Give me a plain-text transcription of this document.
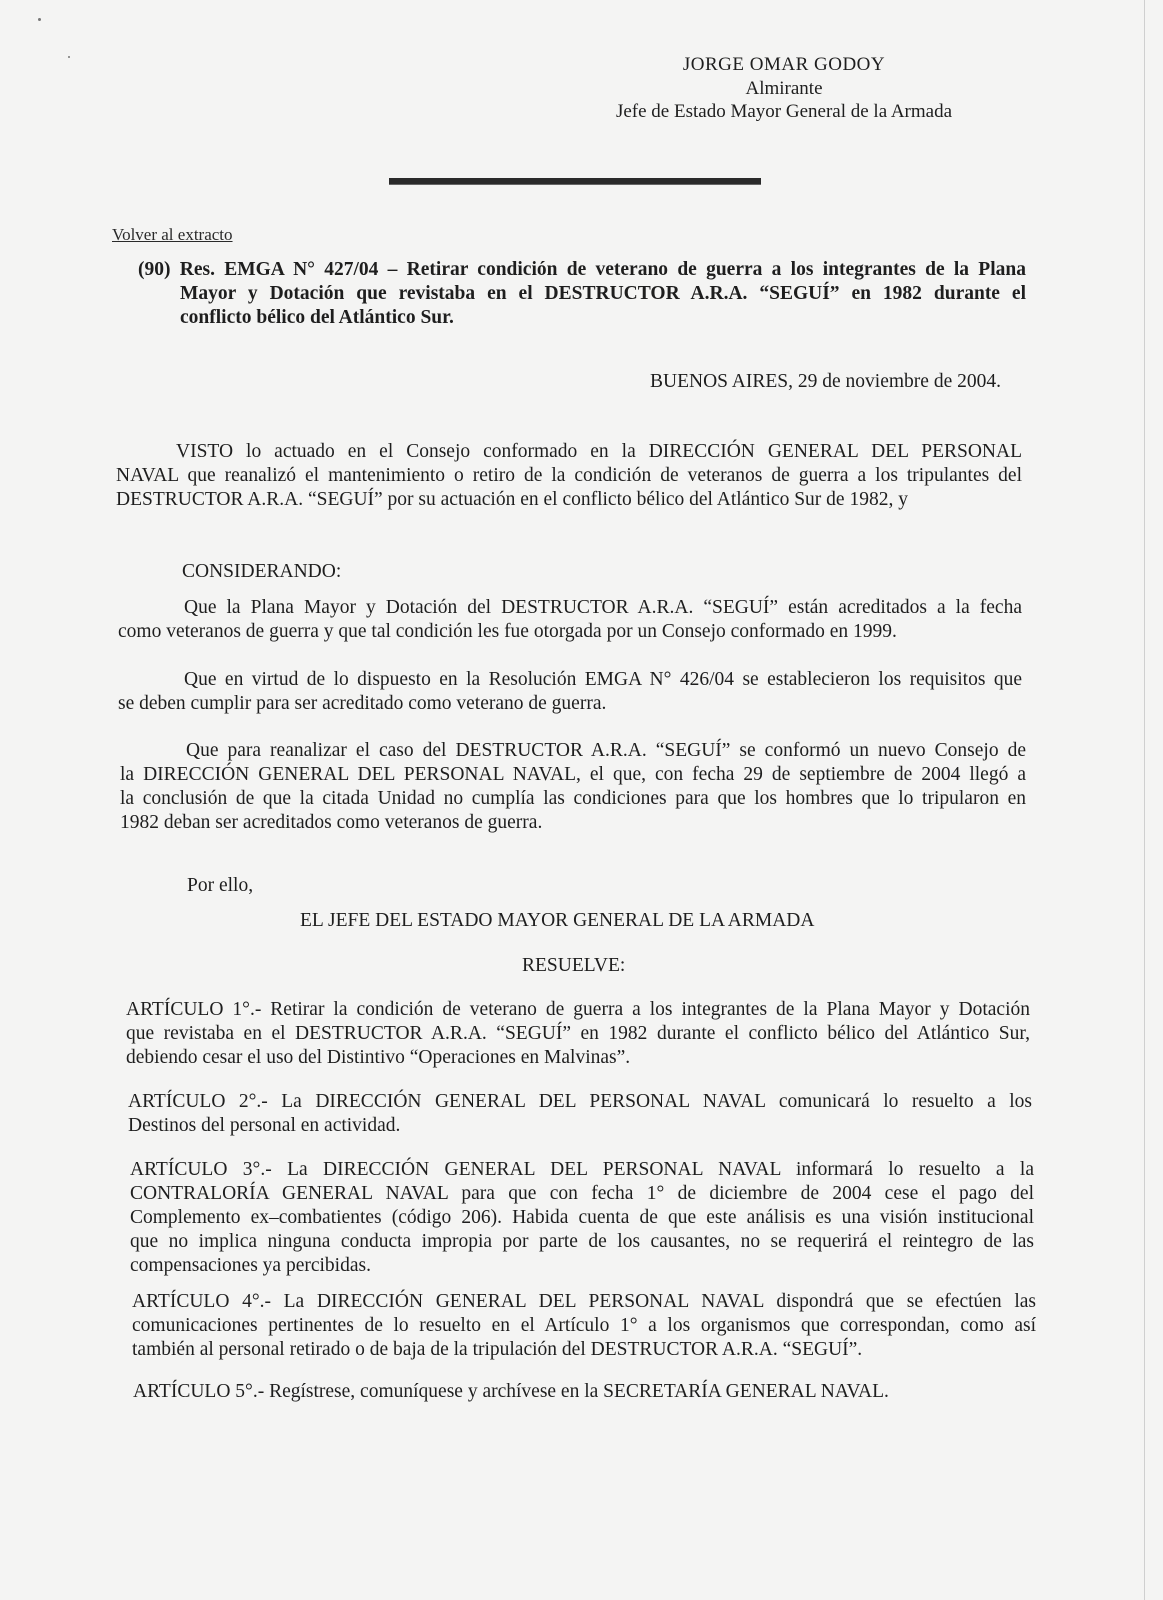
JORGE OMAR GODOY
Almirante
Jefe de Estado Mayor General de la Armada
Volver al extracto
(90) Res. EMGA N° 427/04 – Retirar condición de veterano de guerra a los integrantes de la Plana
Mayor y Dotación que revistaba en el DESTRUCTOR A.R.A. “SEGUÍ” en 1982 durante el
conflicto bélico del Atlántico Sur.
BUENOS AIRES, 29 de noviembre de 2004.
VISTO lo actuado en el Consejo conformado en la DIRECCIÓN GENERAL DEL PERSONAL
NAVAL que reanalizó el mantenimiento o retiro de la condición de veteranos de guerra a los tripulantes del
DESTRUCTOR A.R.A. “SEGUÍ” por su actuación en el conflicto bélico del Atlántico Sur de 1982, y
CONSIDERANDO:
Que la Plana Mayor y Dotación del DESTRUCTOR A.R.A. “SEGUÍ” están acreditados a la fecha
como veteranos de guerra y que tal condición les fue otorgada por un Consejo conformado en 1999.
Que en virtud de lo dispuesto en la Resolución EMGA N° 426/04 se establecieron los requisitos que
se deben cumplir para ser acreditado como veterano de guerra.
Que para reanalizar el caso del DESTRUCTOR A.R.A. “SEGUÍ” se conformó un nuevo Consejo de
la DIRECCIÓN GENERAL DEL PERSONAL NAVAL, el que, con fecha 29 de septiembre de 2004 llegó a
la conclusión de que la citada Unidad no cumplía las condiciones para que los hombres que lo tripularon en
1982 deban ser acreditados como veteranos de guerra.
Por ello,
EL JEFE DEL ESTADO MAYOR GENERAL DE LA ARMADA
RESUELVE:
ARTÍCULO 1°.- Retirar la condición de veterano de guerra a los integrantes de la Plana Mayor y Dotación
que revistaba en el DESTRUCTOR A.R.A. “SEGUÍ” en 1982 durante el conflicto bélico del Atlántico Sur,
debiendo cesar el uso del Distintivo “Operaciones en Malvinas”.
ARTÍCULO 2°.- La DIRECCIÓN GENERAL DEL PERSONAL NAVAL comunicará lo resuelto a los
Destinos del personal en actividad.
ARTÍCULO 3°.- La DIRECCIÓN GENERAL DEL PERSONAL NAVAL informará lo resuelto a la
CONTRALORÍA GENERAL NAVAL para que con fecha 1° de diciembre de 2004 cese el pago del
Complemento ex–combatientes (código 206). Habida cuenta de que este análisis es una visión institucional
que no implica ninguna conducta impropia por parte de los causantes, no se requerirá el reintegro de las
compensaciones ya percibidas.
ARTÍCULO 4°.- La DIRECCIÓN GENERAL DEL PERSONAL NAVAL dispondrá que se efectúen las
comunicaciones pertinentes de lo resuelto en el Artículo 1° a los organismos que correspondan, como así
también al personal retirado o de baja de la tripulación del DESTRUCTOR A.R.A. “SEGUÍ”.
ARTÍCULO 5°.- Regístrese, comuníquese y archívese en la SECRETARÍA GENERAL NAVAL.
